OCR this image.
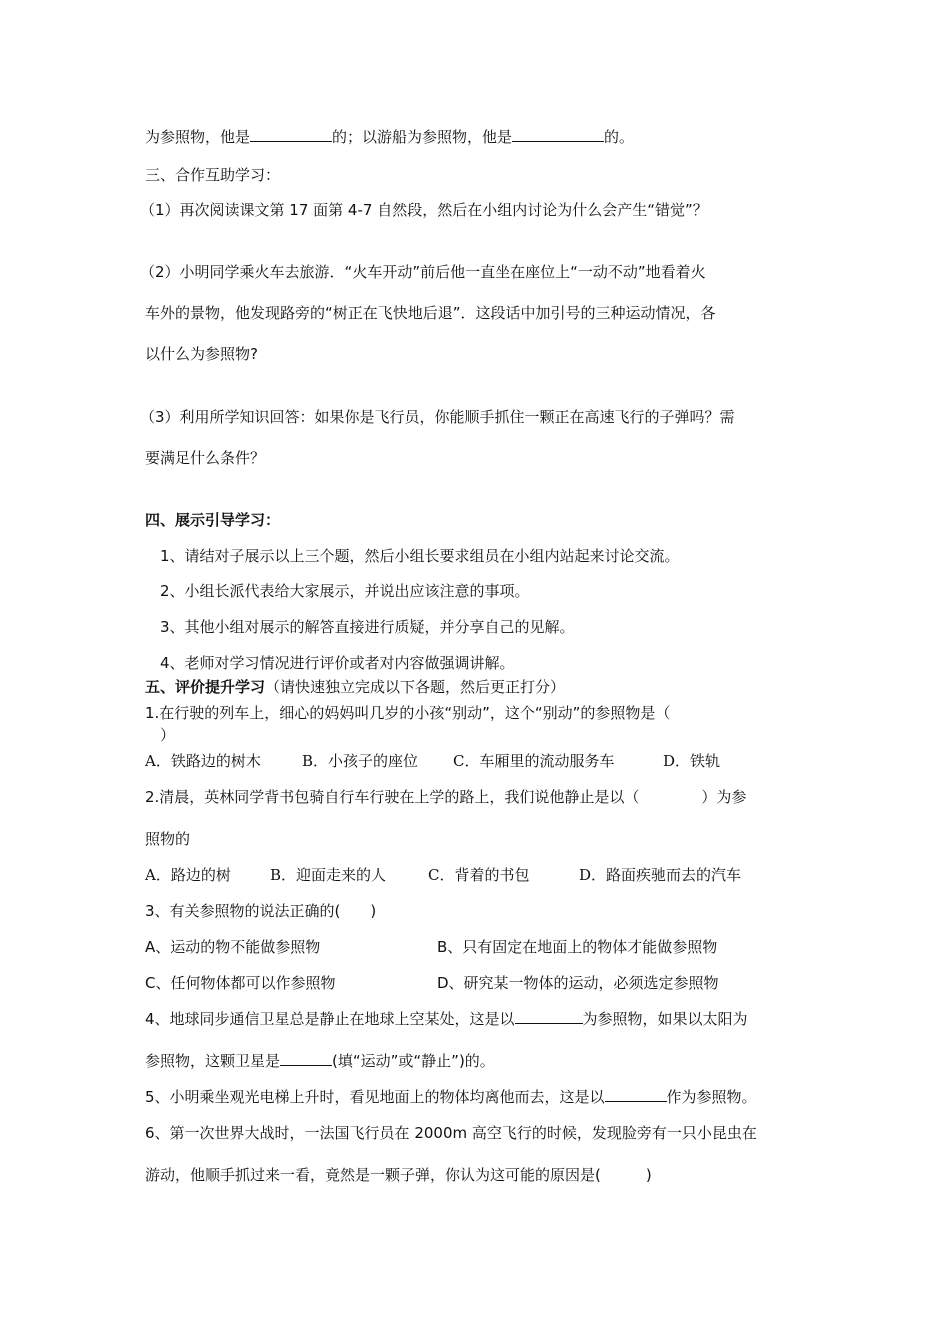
为参照物，他是	的；以游船为参照物，他是	的。
三、合作互助学习：
（1）再次阅读课文第 17 面第 4-7 自然段，然后在小组内讨论为什么会产生“错觉”？
（2）小明同学乘火车去旅游．“火车开动”前后他一直坐在座位上“一动不动”地看着火
车外的景物，他发现路旁的“树正在飞快地后退”．这段话中加引号的三种运动情况，各
以什么为参照物?
（3）利用所学知识回答：如果你是飞行员，你能顺手抓住一颗正在高速飞行的子弹吗？需
要满足什么条件？
四、展示引导学习：
1、请结对子展示以上三个题，然后小组长要求组员在小组内站起来讨论交流。
2、小组长派代表给大家展示，并说出应该注意的事项。
3、其他小组对展示的解答直接进行质疑，并分享自己的见解。
4、老师对学习情况进行评价或者对内容做强调讲解。
五、评价提升学习（请快速独立完成以下各题，然后更正打分）
1.在行驶的列车上，细心的妈妈叫几岁的小孩“别动”，这个“别动”的参照物是（
）
A．铁路边的树木	B．小孩子的座位 C．车厢里的流动服务车	D．铁轨
2.清晨，英林同学背书包骑自行车行驶在上学的路上，我们说他静止是以（	）为参
照物的
A．路边的树	B．迎面走来的人	C．背着的书包	D．路面疾驰而去的汽车
3、有关参照物的说法正确的(　　)
A、运动的物不能做参照物	B、只有固定在地面上的物体才能做参照物
C、任何物体都可以作参照物	D、研究某一物体的运动，必须选定参照物
4、地球同步通信卫星总是静止在地球上空某处，这是以	为参照物，如果以太阳为
参照物，这颗卫星是	(填“运动”或“静止”)的。
5、小明乘坐观光电梯上升时，看见地面上的物体均离他而去，这是以	作为参照物。
6、第一次世界大战时，一法国飞行员在 2000m 高空飞行的时候，发现脸旁有一只小昆虫在
游动，他顺手抓过来一看，竟然是一颗子弹，你认为这可能的原因是(　　　)
